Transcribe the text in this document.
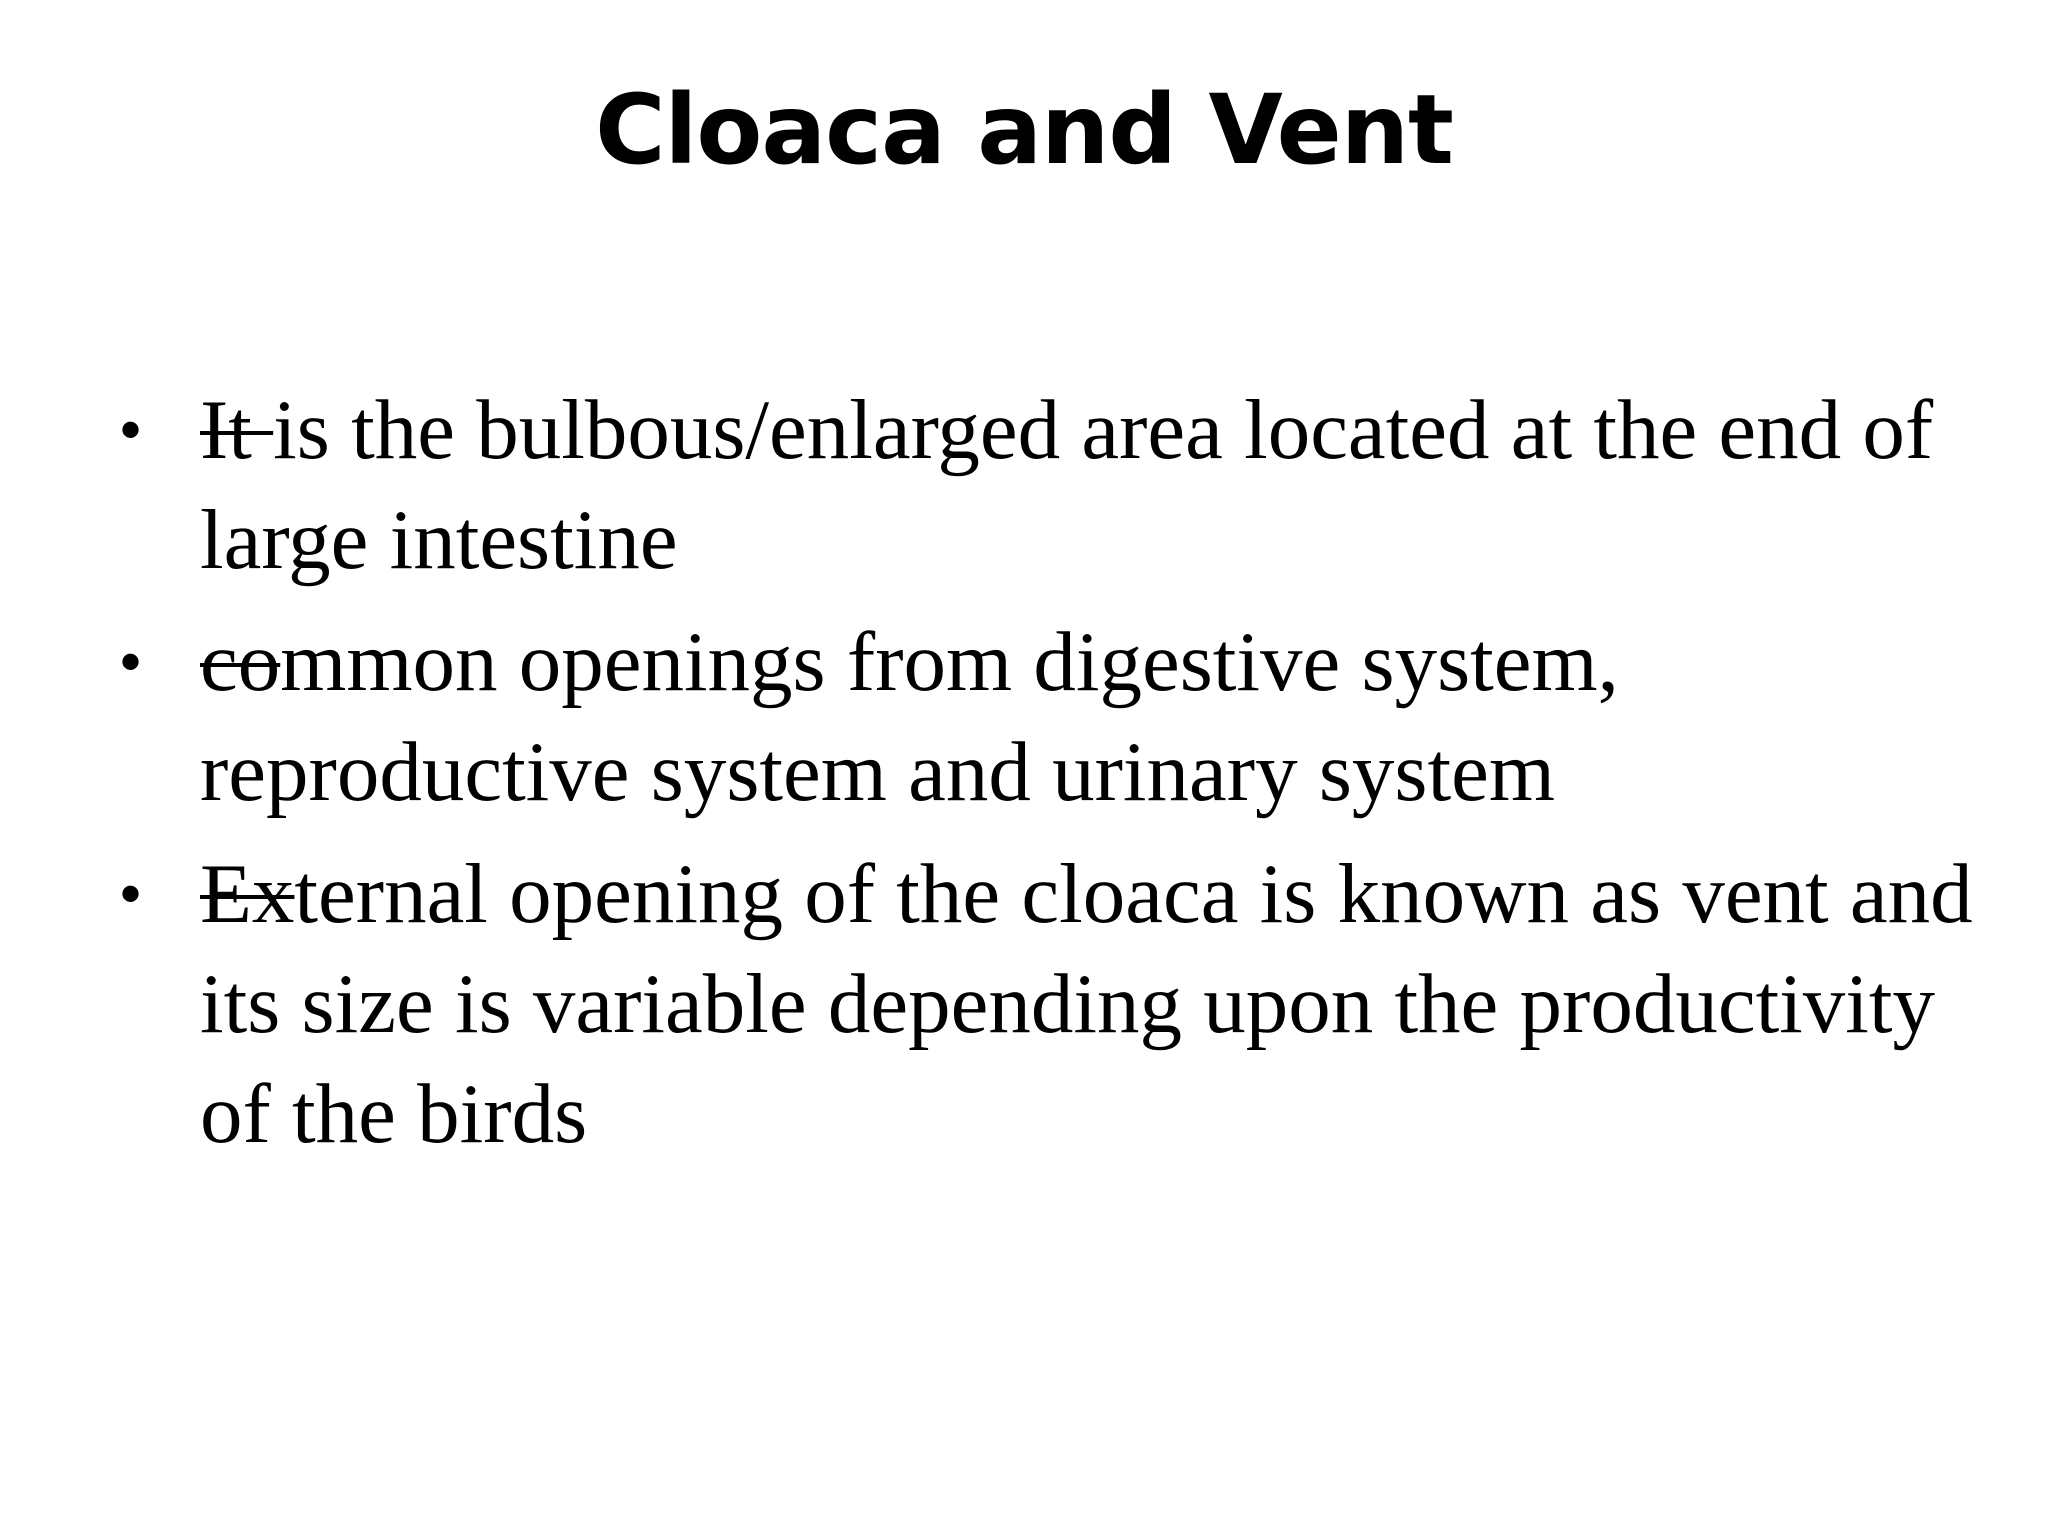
Cloaca and Vent
• It is the bulbous/enlarged area located at the end of large intestine
• common openings from digestive system, reproductive system and urinary system
• External opening of the cloaca is known as vent and its size is variable depending upon the productivity of the birds
